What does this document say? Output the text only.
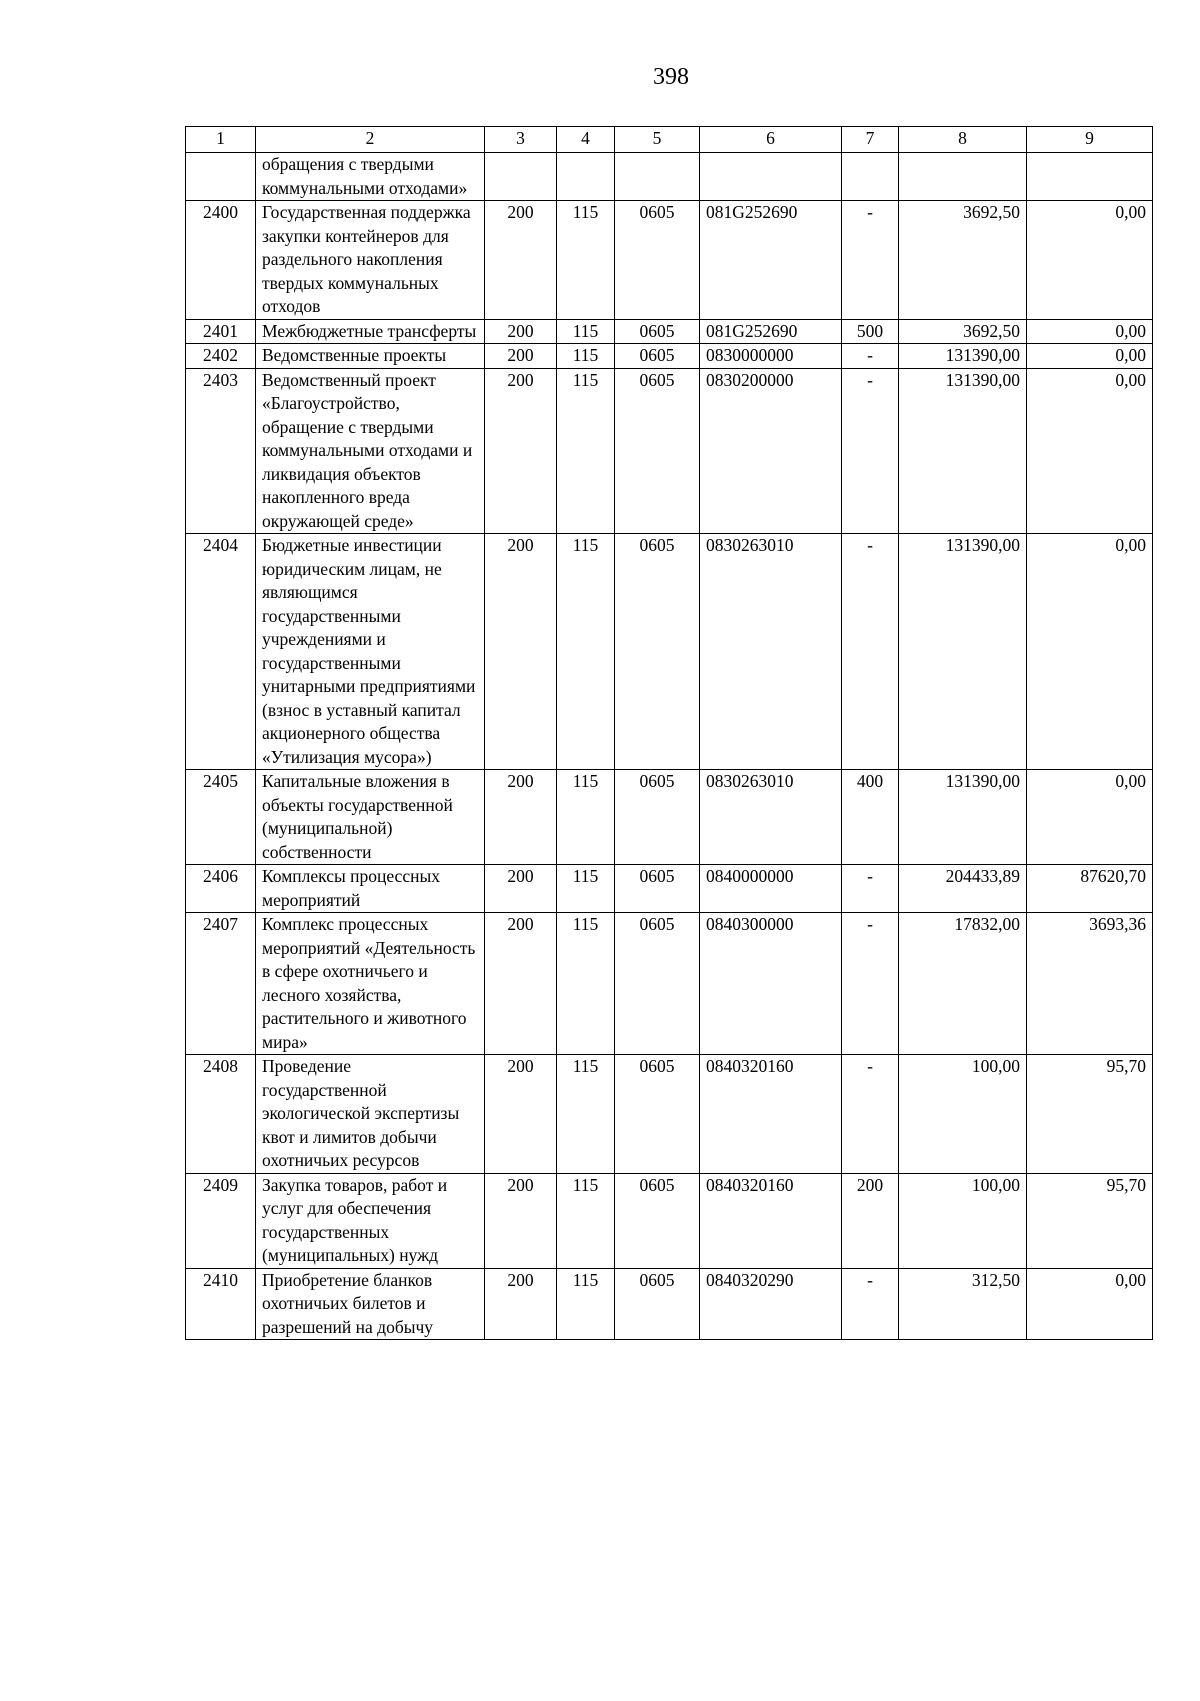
398
1	2	3	4	5	6	7	8	9
	обращения с твердыми коммунальными отходами»							
2400	Государственная поддержка закупки контейнеров для раздельного накопления твердых коммунальных отходов	200	115	0605	081G252690	-	3692,50	0,00
2401	Межбюджетные трансферты	200	115	0605	081G252690	500	3692,50	0,00
2402	Ведомственные проекты	200	115	0605	0830000000	-	131390,00	0,00
2403	Ведомственный проект «Благоустройство, обращение с твердыми коммунальными отходами и ликвидация объектов накопленного вреда окружающей среде»	200	115	0605	0830200000	-	131390,00	0,00
2404	Бюджетные инвестиции юридическим лицам, не являющимся государственными учреждениями и государственными унитарными предприятиями (взнос в уставный капитал акционерного общества «Утилизация мусора»)	200	115	0605	0830263010	-	131390,00	0,00
2405	Капитальные вложения в объекты государственной (муниципальной) собственности	200	115	0605	0830263010	400	131390,00	0,00
2406	Комплексы процессных мероприятий	200	115	0605	0840000000	-	204433,89	87620,70
2407	Комплекс процессных мероприятий «Деятельность в сфере охотничьего и лесного хозяйства, растительного и животного мира»	200	115	0605	0840300000	-	17832,00	3693,36
2408	Проведение государственной экологической экспертизы квот и лимитов добычи охотничьих ресурсов	200	115	0605	0840320160	-	100,00	95,70
2409	Закупка товаров, работ и услуг для обеспечения государственных (муниципальных) нужд	200	115	0605	0840320160	200	100,00	95,70
2410	Приобретение бланков охотничьих билетов и разрешений на добычу	200	115	0605	0840320290	-	312,50	0,00
